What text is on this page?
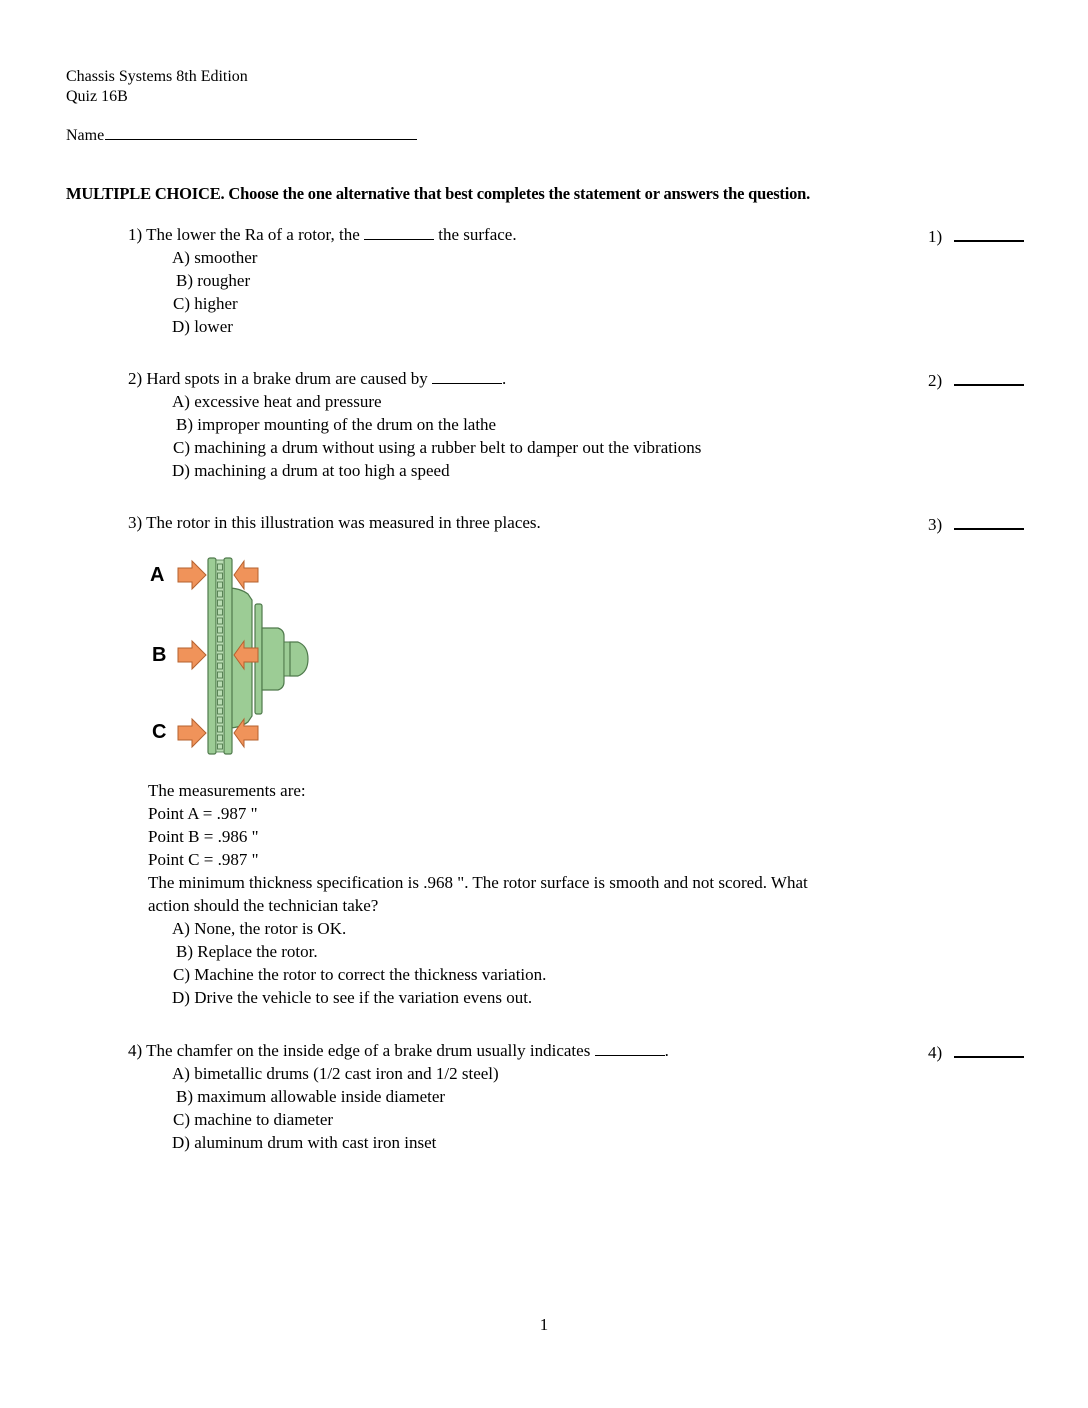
Chassis Systems 8th Edition
Quiz 16B
Name
MULTIPLE CHOICE. Choose the one alternative that best completes the statement or answers the question.
1) The lower the Ra of a rotor, the	the surface.
A) smoother
B) rougher
C) higher
D) lower
1)
2) Hard spots in a brake drum are caused by	.
A) excessive heat and pressure
B) improper mounting of the drum on the lathe
C) machining a drum without using a rubber belt to damper out the vibrations
D) machining a drum at too high a speed
2)
3) The rotor in this illustration was measured in three places.	3)
A
B
C
The measurements are:
Point A = .987 "
Point B = .986 "
Point C = .987 "
The minimum thickness specification is .968 ". The rotor surface is smooth and not scored. What
action should the technician take?
A) None, the rotor is OK.
B) Replace the rotor.
C) Machine the rotor to correct the thickness variation.
D) Drive the vehicle to see if the variation evens out.
4) The chamfer on the inside edge of a brake drum usually indicates	.
A) bimetallic drums (1/2 cast iron and 1/2 steel)
B) maximum allowable inside diameter
C) machine to diameter
D) aluminum drum with cast iron inset
4)
1
